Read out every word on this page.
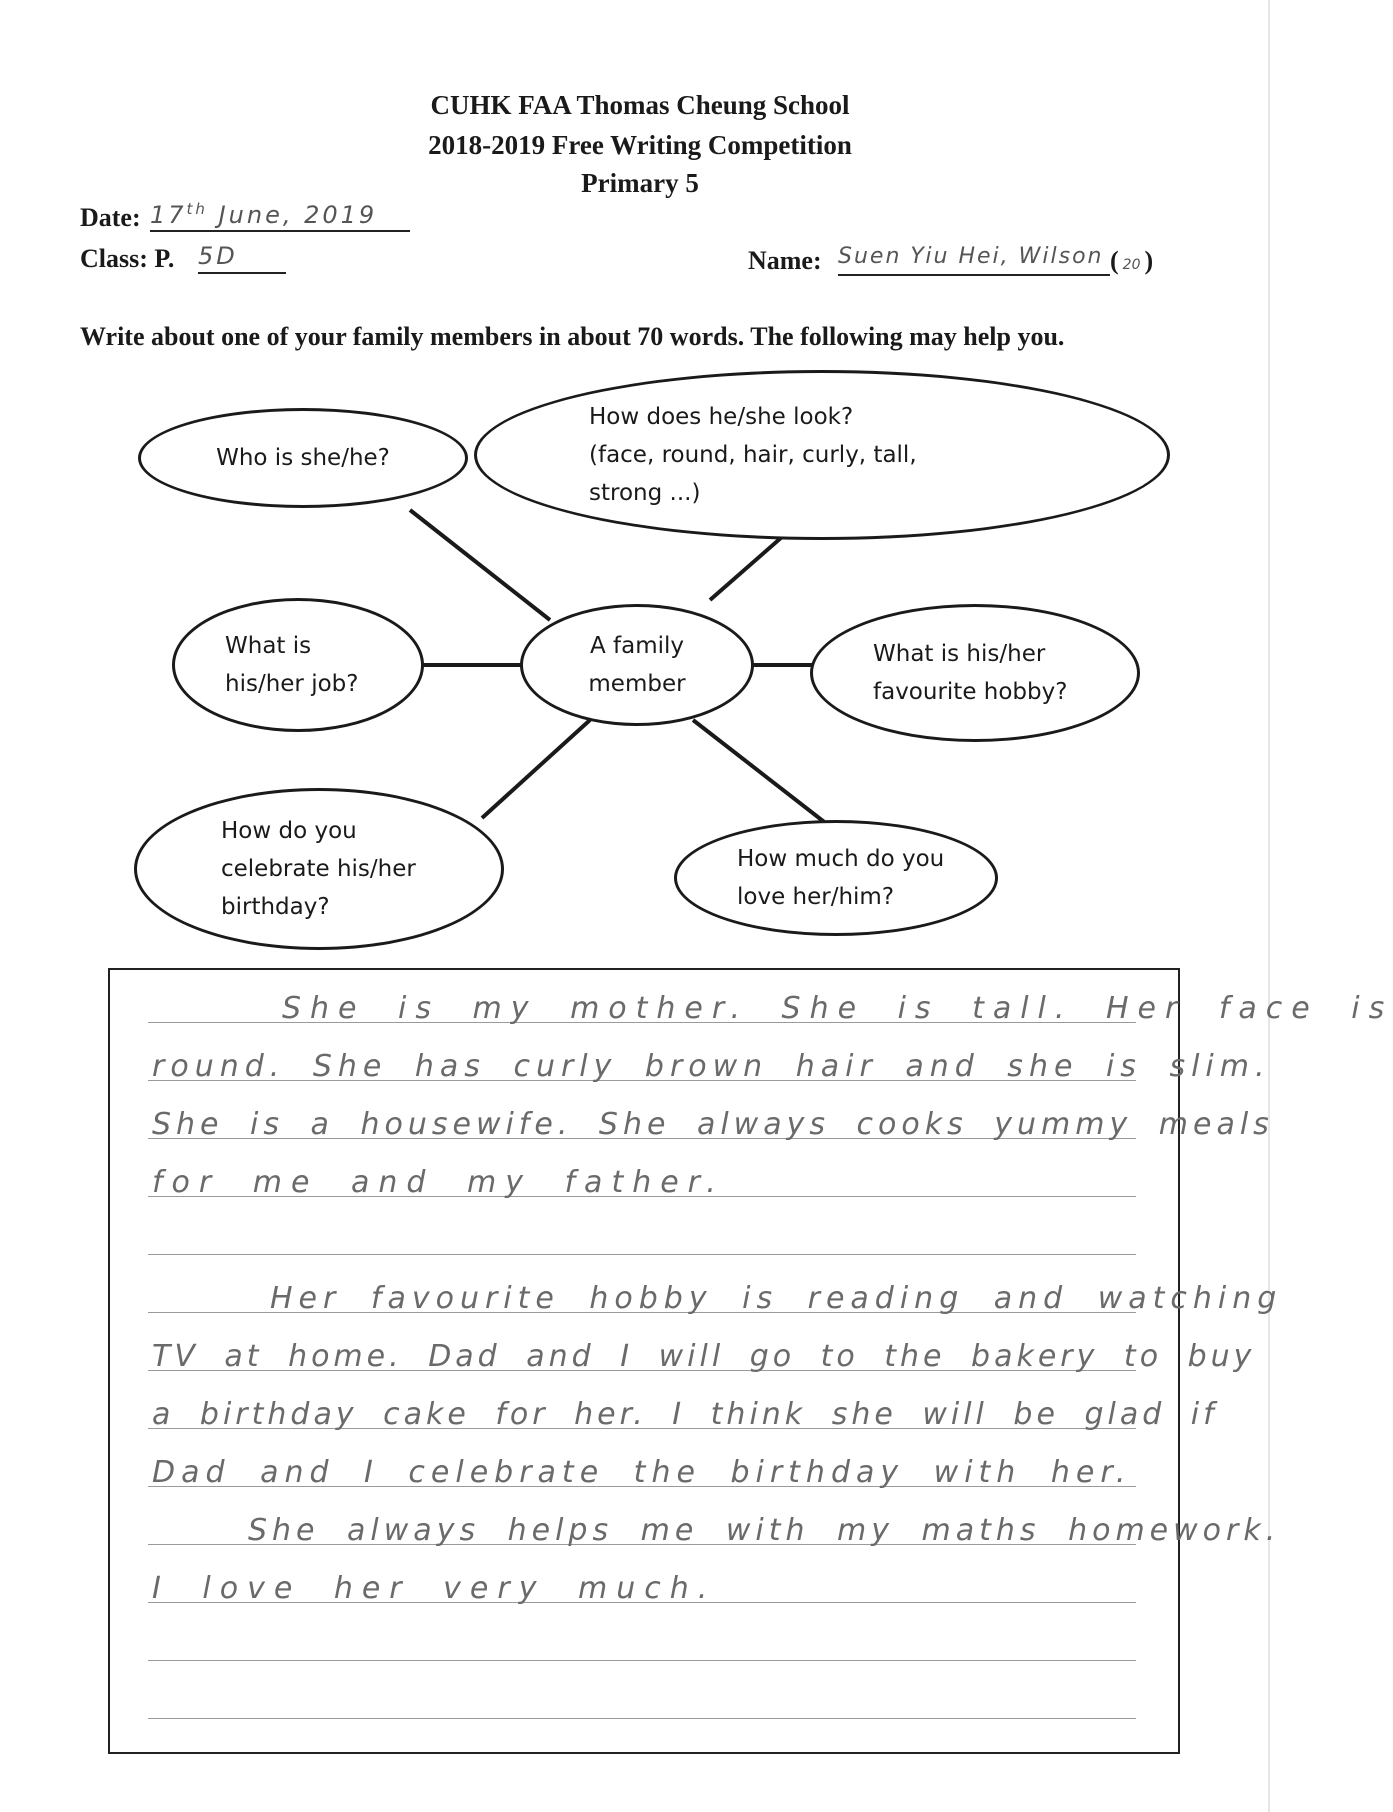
CUHK FAA Thomas Cheung School
2018-2019 Free Writing Competition
Primary 5
Date: 17th June, 2019
Class: P. 5D	Name: Suen Yiu Hei, Wilson ( 20 )
Write about one of your family members in about 70 words. The following may help you.
Who is she/he?
How does he/she look?
(face, round, hair, curly, tall,
strong ...)
What is
his/her job?
A family
member
What is his/her
favourite hobby?
How do you
celebrate his/her
birthday?
How much do you
love her/him?
She is my mother. She is tall. Her face is
round. She has curly brown hair and she is slim.
She is a housewife. She always cooks yummy meals
for me and my father.
Her favourite hobby is reading and watching
TV at home. Dad and I will go to the bakery to buy
a birthday cake for her. I think she will be glad if
Dad and I celebrate the birthday with her.
She always helps me with my maths homework.
I love her very much.
